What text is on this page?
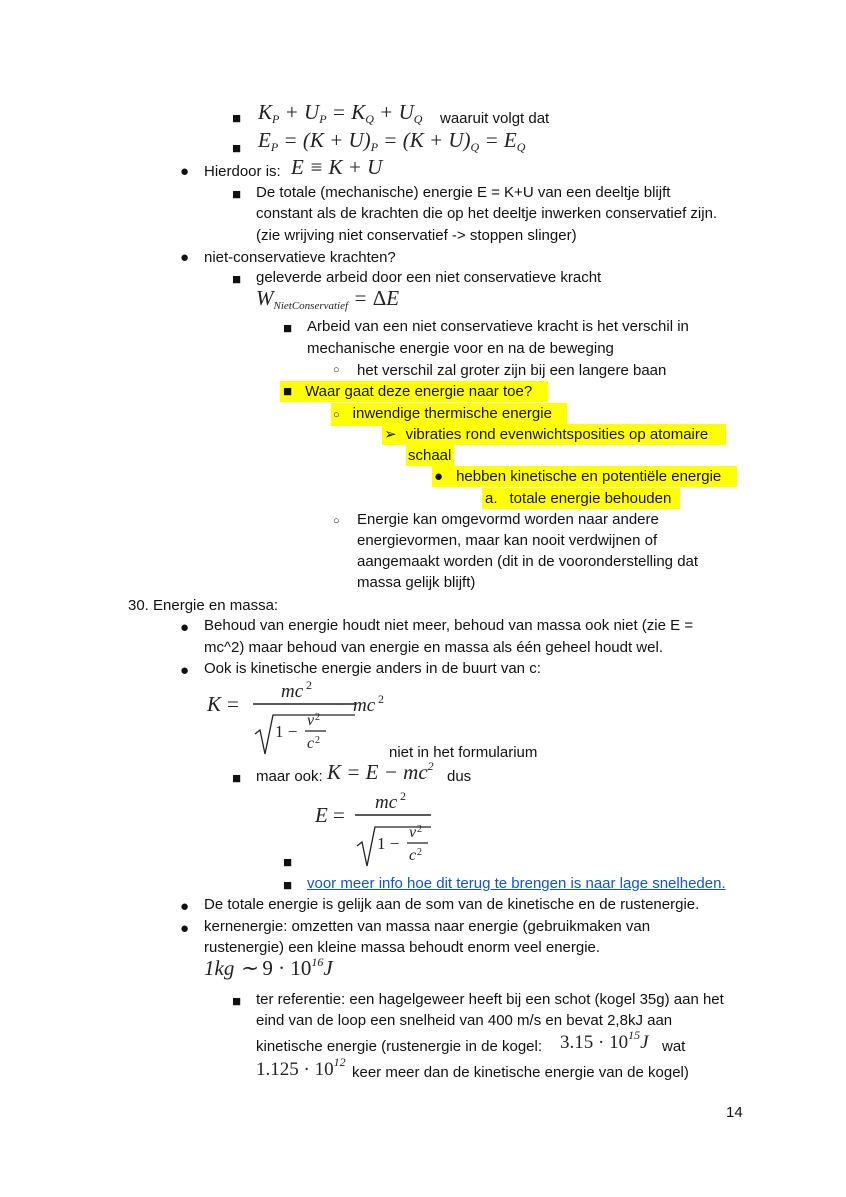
■ $K_P + U_P = K_Q + U_Q$ waaruit volgt dat
■ $E_P = (K + U)_P = (K + U)_Q = E_Q$
● Hierdoor is: E ≡ K + U
■ De totale (mechanische) energie E = K+U van een deeltje blijft
constant als de krachten die op het deeltje inwerken conservatief zijn.
(zie wrijving niet conservatief -> stoppen slinger)
● niet-conservatieve krachten?
■ geleverde arbeid door een niet conservatieve kracht
$W_{NietConservatief} = \Delta E$
■ Arbeid van een niet conservatieve kracht is het verschil in
mechanische energie voor en na de beweging
○ het verschil zal groter zijn bij een langere baan
■ Waar gaat deze energie naar toe?
○ inwendige thermische energie
➢ vibraties rond evenwichtsposities op atomaire
schaal
● hebben kinetische en potentiële energie
a. totale energie behouden
○ Energie kan omgevormd worden naar andere
energievormen, maar kan nooit verdwijnen of
aangemaakt worden (dit in de vooronderstelling dat
massa gelijk blijft)
30. Energie en massa:
● Behoud van energie houdt niet meer, behoud van massa ook niet (zie E =
mc^2) maar behoud van energie en massa als één geheel houdt wel.
● Ook is kinetische energie anders in de buurt van c:
K =
mc 2
1 −
v 2
c 2
− mc 2
niet in het formularium
■ maar ook: $K = E - mc^2$
dus
E =
mc 2
1 −
v 2
c 2
■
■ voor meer info hoe dit terug te brengen is naar lage snelheden.
● De totale energie is gelijk aan de som van de kinetische en de rustenergie.
● kernenergie: omzetten van massa naar energie (gebruikmaken van
rustenergie) een kleine massa behoudt enorm veel energie.
1kg ∼ $9 \cdot 10^{16}J$
■ ter referentie: een hagelgeweer heeft bij een schot (kogel 35g) aan het
eind van de loop een snelheid van 400 m/s en bevat 2,8kJ aan
kinetische energie (rustenergie in de kogel: $3.15 \cdot 10^{15}J$ wat
$1.125 \cdot 10^{12}$
keer meer dan de kinetische energie van de kogel)
14
